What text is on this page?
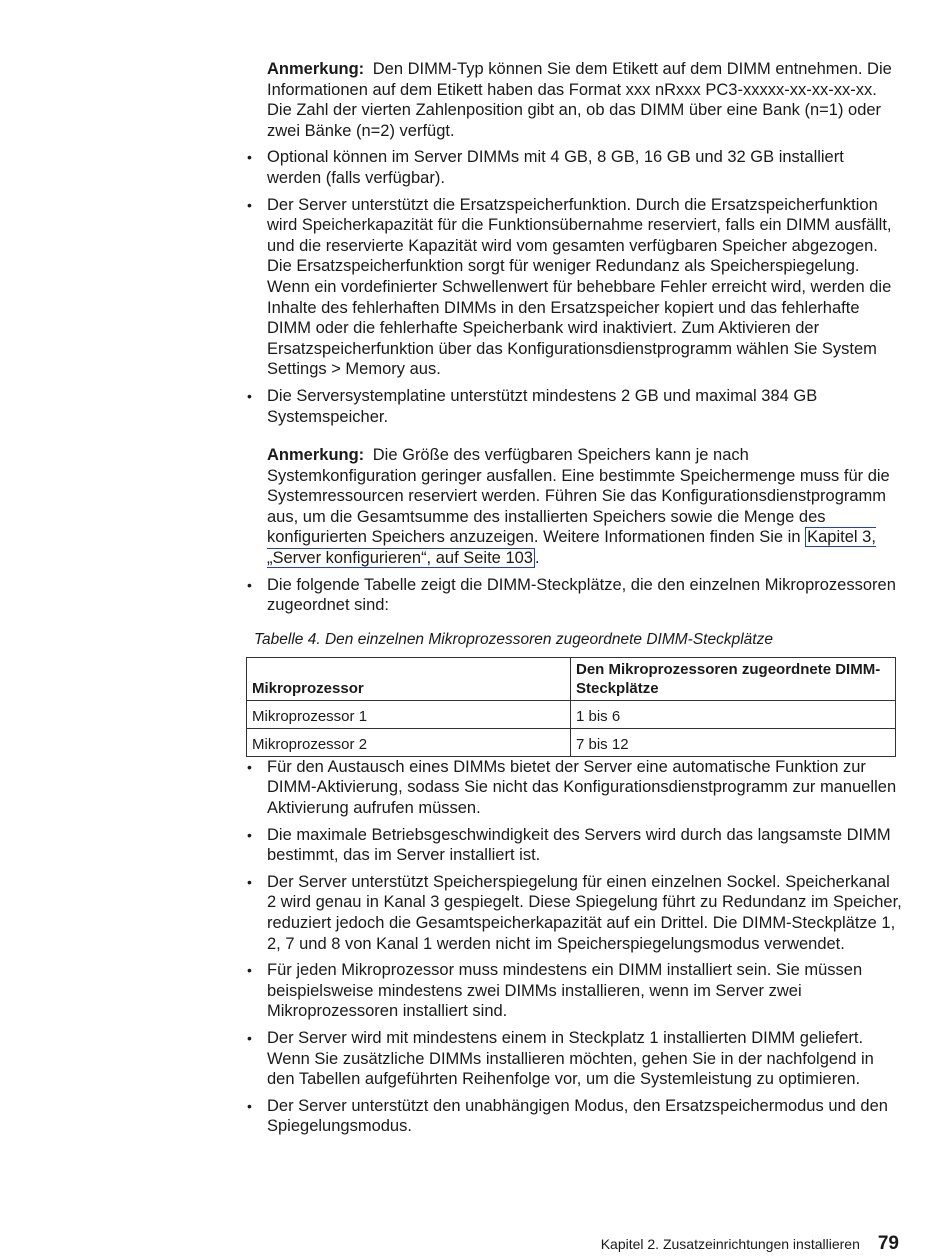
Anmerkung: Den DIMM-Typ können Sie dem Etikett auf dem DIMM entnehmen. Die Informationen auf dem Etikett haben das Format xxx nRxxx PC3-xxxxx-xx-xx-xx-xx. Die Zahl der vierten Zahlenposition gibt an, ob das DIMM über eine Bank (n=1) oder zwei Bänke (n=2) verfügt.

• Optional können im Server DIMMs mit 4 GB, 8 GB, 16 GB und 32 GB installiert werden (falls verfügbar).
• Der Server unterstützt die Ersatzspeicherfunktion. Durch die Ersatzspeicherfunktion wird Speicherkapazität für die Funktionsübernahme reserviert, falls ein DIMM ausfällt, und die reservierte Kapazität wird vom gesamten verfügbaren Speicher abgezogen. Die Ersatzspeicherfunktion sorgt für weniger Redundanz als Speicherspiegelung. Wenn ein vordefinierter Schwellenwert für behebbare Fehler erreicht wird, werden die Inhalte des fehlerhaften DIMMs in den Ersatzspeicher kopiert und das fehlerhafte DIMM oder die fehlerhafte Speicherbank wird inaktiviert. Zum Aktivieren der Ersatzspeicherfunktion über das Konfigurationsdienstprogramm wählen Sie System Settings > Memory aus.
• Die Serversystemplatine unterstützt mindestens 2 GB und maximal 384 GB Systemspeicher.

Anmerkung: Die Größe des verfügbaren Speichers kann je nach Systemkonfiguration geringer ausfallen. Eine bestimmte Speichermenge muss für die Systemressourcen reserviert werden. Führen Sie das Konfigurationsdienstprogramm aus, um die Gesamtsumme des installierten Speichers sowie die Menge des konfigurierten Speichers anzuzeigen. Weitere Informationen finden Sie in Kapitel 3, „Server konfigurieren“, auf Seite 103 .

• Die folgende Tabelle zeigt die DIMM-Steckplätze, die den einzelnen Mikroprozessoren zugeordnet sind:
Tabelle 4. Den einzelnen Mikroprozessoren zugeordnete DIMM-Steckplätze
Mikroprozessor	Den Mikroprozessoren zugeordnete DIMM-Steckplätze
Mikroprozessor 1	1 bis 6
Mikroprozessor 2	7 bis 12
• Für den Austausch eines DIMMs bietet der Server eine automatische Funktion zur DIMM-Aktivierung, sodass Sie nicht das Konfigurationsdienstprogramm zur manuellen Aktivierung aufrufen müssen.
• Die maximale Betriebsgeschwindigkeit des Servers wird durch das langsamste DIMM bestimmt, das im Server installiert ist.
• Der Server unterstützt Speicherspiegelung für einen einzelnen Sockel. Speicherkanal 2 wird genau in Kanal 3 gespiegelt. Diese Spiegelung führt zu Redundanz im Speicher, reduziert jedoch die Gesamtspeicherkapazität auf ein Drittel. Die DIMM-Steckplätze 1, 2, 7 und 8 von Kanal 1 werden nicht im Speicherspiegelungsmodus verwendet.
• Für jeden Mikroprozessor muss mindestens ein DIMM installiert sein. Sie müssen beispielsweise mindestens zwei DIMMs installieren, wenn im Server zwei Mikroprozessoren installiert sind.
• Der Server wird mit mindestens einem in Steckplatz 1 installierten DIMM geliefert. Wenn Sie zusätzliche DIMMs installieren möchten, gehen Sie in der nachfolgend in den Tabellen aufgeführten Reihenfolge vor, um die Systemleistung zu optimieren.
• Der Server unterstützt den unabhängigen Modus, den Ersatzspeichermodus und den Spiegelungsmodus.
Kapitel 2. Zusatzeinrichtungen installieren 79
